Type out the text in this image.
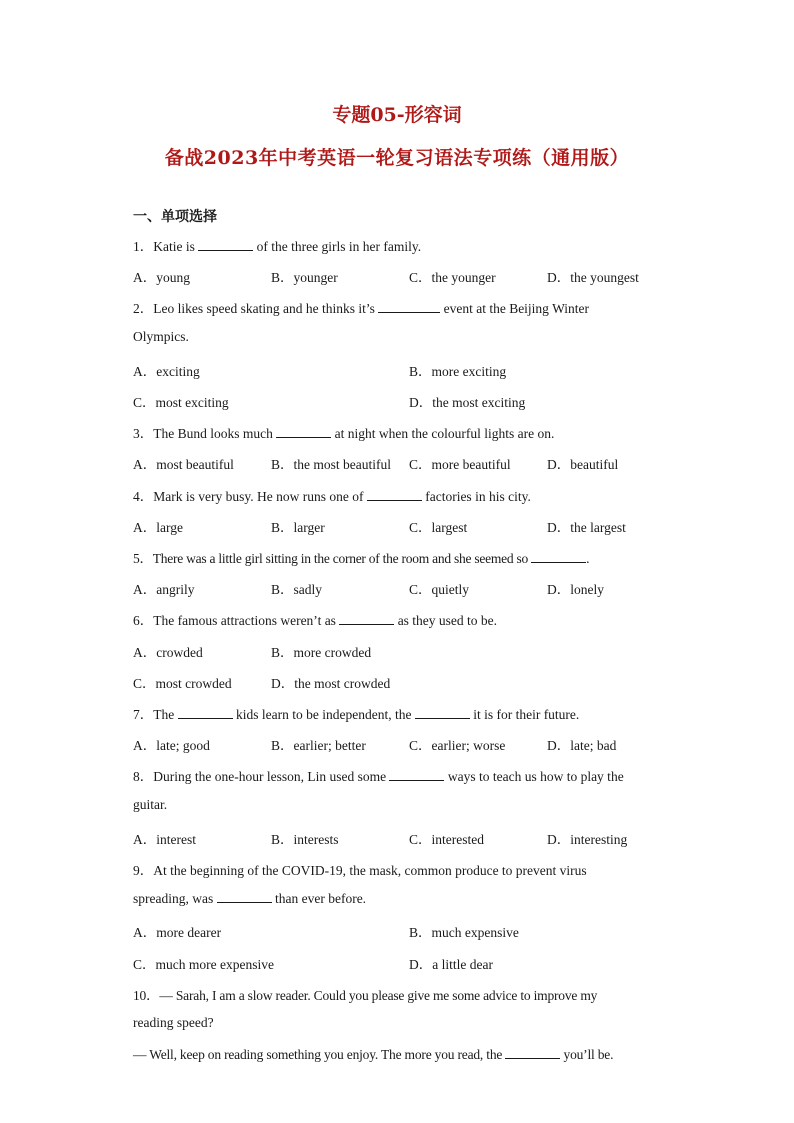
专题05-形容词
备战2023年中考英语一轮复习语法专项练（通用版）
一、单项选择
1．Katie is	of the three girls in her family.
A．young	B．younger	C．the younger	D．the youngest
2．Leo likes speed skating and he thinks it’s	event at the Beijing Winter
Olympics.
A．exciting	B．more exciting
C．most exciting	D．the most exciting
3．The Bund looks much	at night when the colourful lights are on.
A．most beautiful	B．the most beautiful C．more beautiful	D．beautiful
4．Mark is very busy. He now runs one of	factories in his city.
A．large	B．larger	C．largest	D．the largest
5．There was a little girl sitting in the corner of the room and she seemed so	.
A．angrily	B．sadly	C．quietly	D．lonely
6．The famous attractions weren’t as	as they used to be.
A．crowded	B．more crowded
C．most crowded	D．the most crowded
7．The	kids learn to be independent, the	it is for their future.
A．late; good	B．earlier; better	C．earlier; worse	D．late; bad
8．During the one-hour lesson, Lin used some	ways to teach us how to play the
guitar.
A．interest	B．interests	C．interested	D．interesting
9．At the beginning of the COVID-19, the mask, common produce to prevent virus
spreading, was	than ever before.
A．more dearer	B．much expensive
C．much more expensive	D．a little dear
10．— Sarah, I am a slow reader. Could you please give me some advice to improve my
reading speed?
— Well, keep on reading something you enjoy. The more you read, the	you’ll be.
